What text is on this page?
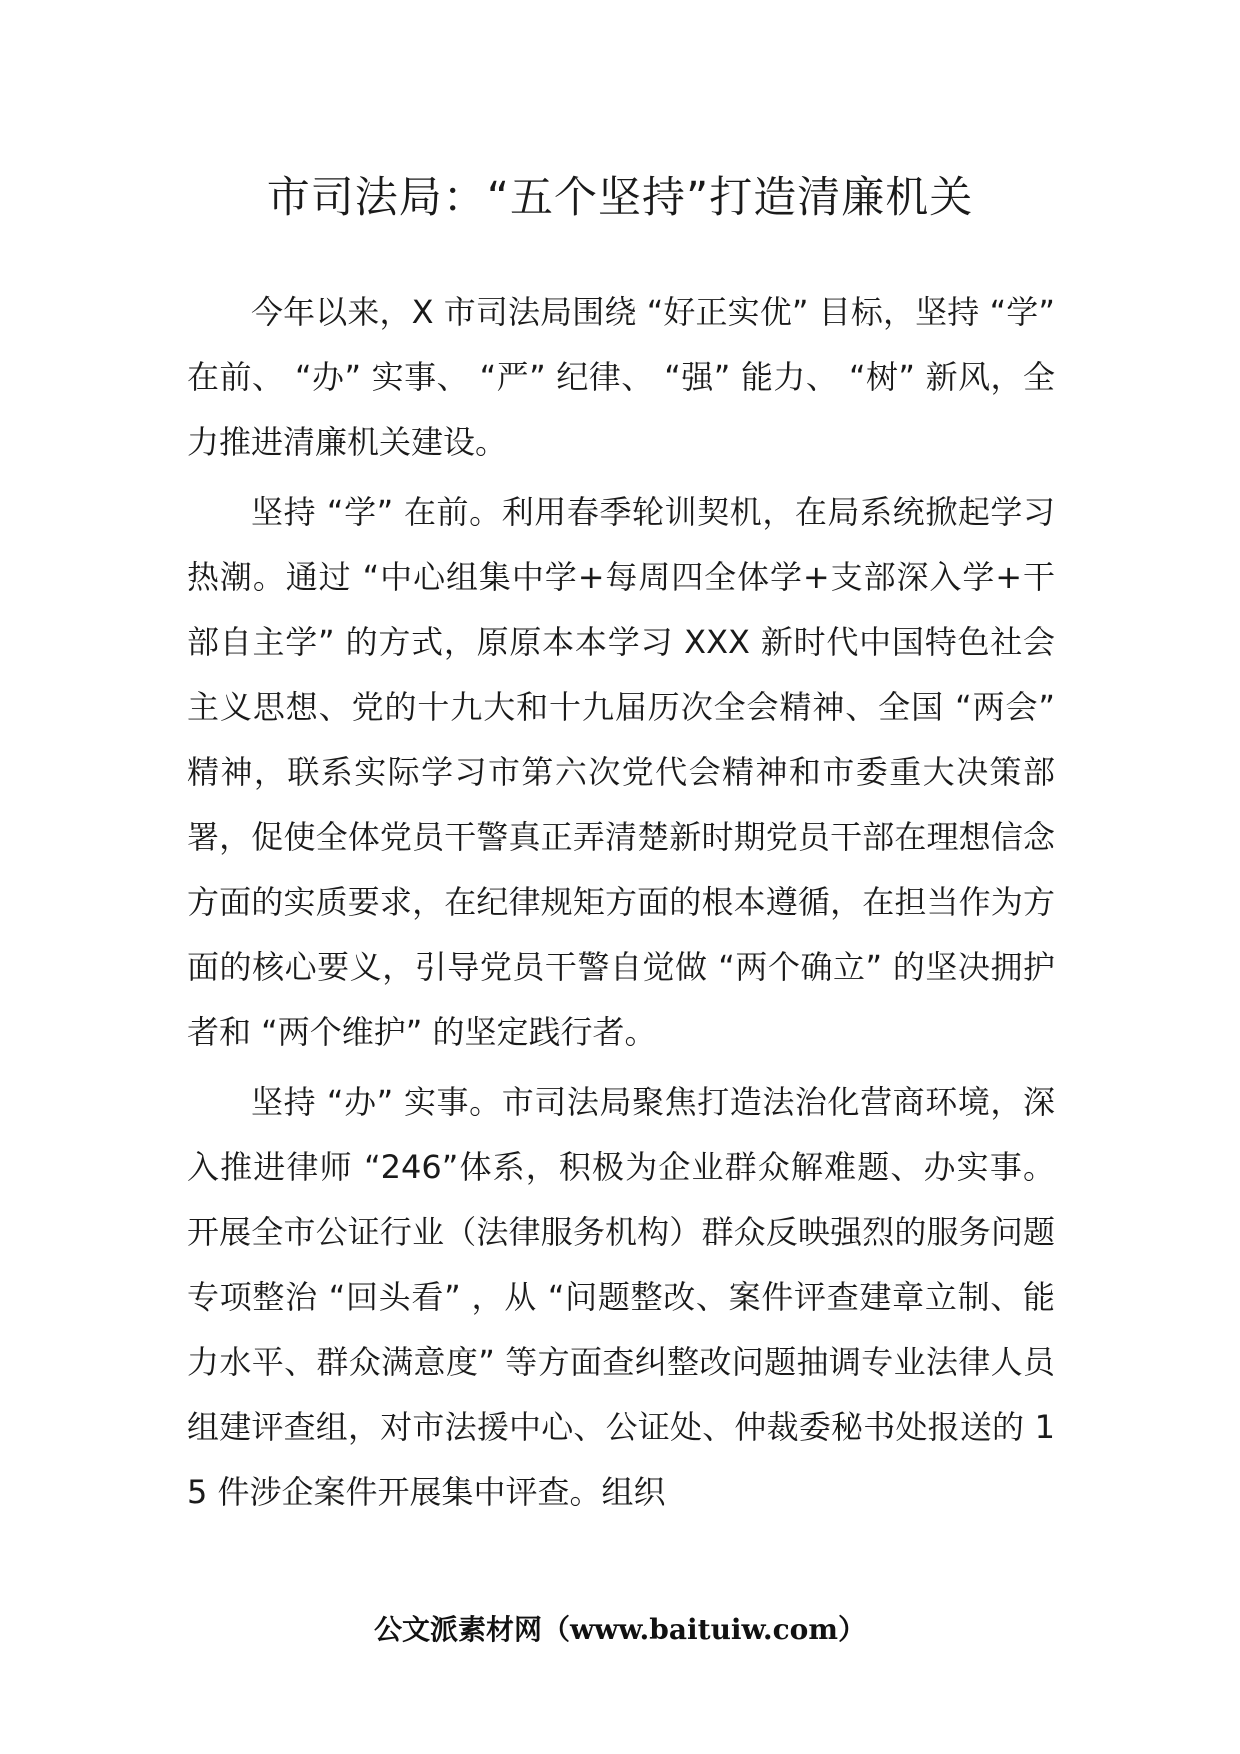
市司法局：“五个坚持”打造清廉机关

今年以来，X 市司法局围绕 “好正实优” 目标，坚持 “学” 在前、 “办” 实事、 “严” 纪律、 “强” 能力、 “树” 新风，全力推进清廉机关建设。

坚持 “学” 在前。利用春季轮训契机，在局系统掀起学习热潮。通过 “中心组集中学+每周四全体学+支部深入学+干部自主学” 的方式，原原本本学习 XXX 新时代中国特色社会主义思想、党的十九大和十九届历次全会精神、全国 “两会” 精神，联系实际学习市第六次党代会精神和市委重大决策部署，促使全体党员干警真正弄清楚新时期党员干部在理想信念方面的实质要求，在纪律规矩方面的根本遵循，在担当作为方面的核心要义，引导党员干警自觉做 “两个确立” 的坚决拥护者和 “两个维护” 的坚定践行者。

坚持 “办” 实事。市司法局聚焦打造法治化营商环境，深入推进律师 “246”体系，积极为企业群众解难题、办实事。开展全市公证行业（法律服务机构）群众反映强烈的服务问题专项整治 “回头看” ，从 “问题整改、案件评查建章立制、能力水平、群众满意度” 等方面查纠整改问题抽调专业法律人员组建评查组，对市法援中心、公证处、仲裁委秘书处报送的 15 件涉企案件开展集中评查。组织

公文派素材网（www.baituiw.com）
